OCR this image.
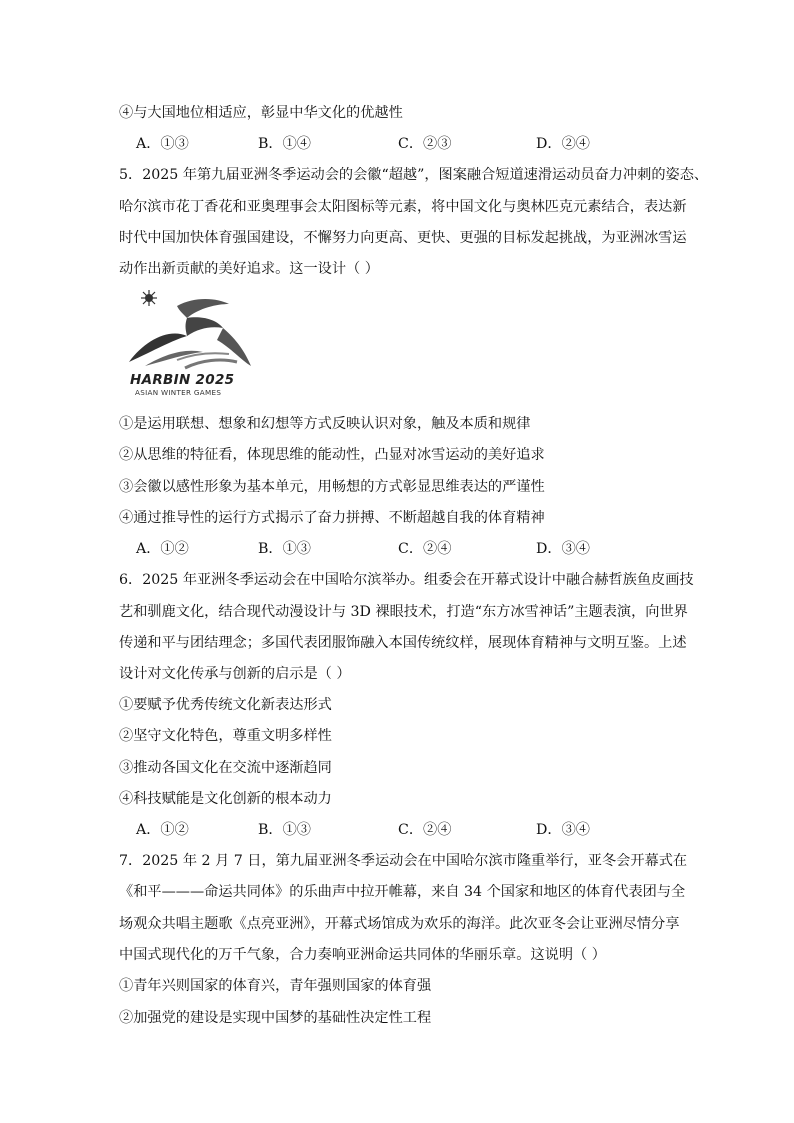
④与大国地位相适应，彰显中华文化的优越性
A．①③	B．①④	C．②③	D．②④
5．2025 年第九届亚洲冬季运动会的会徽“超越”，图案融合短道速滑运动员奋力冲刺的姿态、
哈尔滨市花丁香花和亚奥理事会太阳图标等元素，将中国文化与奥林匹克元素结合，表达新
时代中国加快体育强国建设，不懈努力向更高、更快、更强的目标发起挑战，为亚洲冰雪运
动作出新贡献的美好追求。这一设计（ ）
HARBIN 2025
ASIAN WINTER GAMES
①是运用联想、想象和幻想等方式反映认识对象，触及本质和规律
②从思维的特征看，体现思维的能动性，凸显对冰雪运动的美好追求
③会徽以感性形象为基本单元，用畅想的方式彰显思维表达的严谨性
④通过推导性的运行方式揭示了奋力拼搏、不断超越自我的体育精神
A．①②	B．①③	C．②④	D．③④
6．2025 年亚洲冬季运动会在中国哈尔滨举办。组委会在开幕式设计中融合赫哲族鱼皮画技
艺和驯鹿文化，结合现代动漫设计与 3D 裸眼技术，打造“东方冰雪神话”主题表演，向世界
传递和平与团结理念；多国代表团服饰融入本国传统纹样，展现体育精神与文明互鉴。上述
设计对文化传承与创新的启示是（ ）
①要赋予优秀传统文化新表达形式
②坚守文化特色，尊重文明多样性
③推动各国文化在交流中逐渐趋同
④科技赋能是文化创新的根本动力
A．①②	B．①③	C．②④	D．③④
7．2025 年 2 月 7 日，第九届亚洲冬季运动会在中国哈尔滨市隆重举行，亚冬会开幕式在
《和平———命运共同体》的乐曲声中拉开帷幕，来自 34 个国家和地区的体育代表团与全
场观众共唱主题歌《点亮亚洲》，开幕式场馆成为欢乐的海洋。此次亚冬会让亚洲尽情分享
中国式现代化的万千气象，合力奏响亚洲命运共同体的华丽乐章。这说明（ ）
①青年兴则国家的体育兴，青年强则国家的体育强
②加强党的建设是实现中国梦的基础性决定性工程
